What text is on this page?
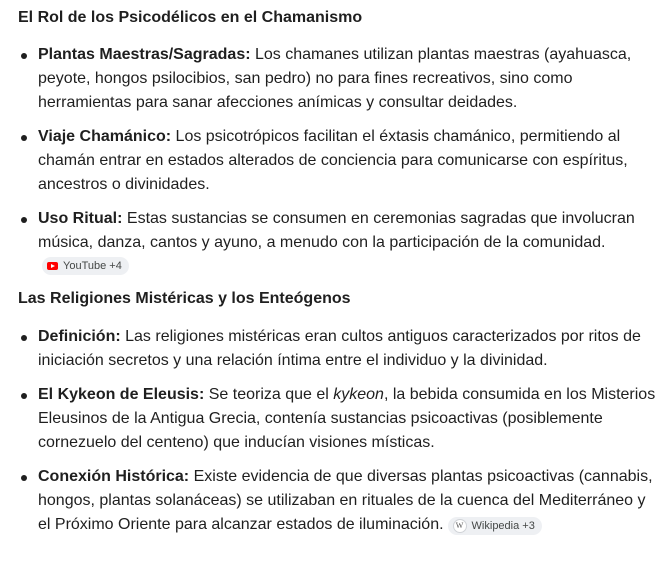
El Rol de los Psicodélicos en el Chamanismo
Plantas Maestras/Sagradas: Los chamanes utilizan plantas maestras (ayahuasca, peyote, hongos psilocibios, san pedro) no para fines recreativos, sino como herramientas para sanar afecciones anímicas y consultar deidades.
Viaje Chamánico: Los psicotrópicos facilitan el éxtasis chamánico, permitiendo al chamán entrar en estados alterados de conciencia para comunicarse con espíritus, ancestros o divinidades.
Uso Ritual: Estas sustancias se consumen en ceremonias sagradas que involucran música, danza, cantos y ayuno, a menudo con la participación de la comunidad.
YouTube +4
Las Religiones Mistéricas y los Enteógenos
Definición: Las religiones mistéricas eran cultos antiguos caracterizados por ritos de iniciación secretos y una relación íntima entre el individuo y la divinidad.
El Kykeon de Eleusis: Se teoriza que el kykeon, la bebida consumida en los Misterios Eleusinos de la Antigua Grecia, contenía sustancias psicoactivas (posiblemente cornezuelo del centeno) que inducían visiones místicas.
Conexión Histórica: Existe evidencia de que diversas plantas psicoactivas (cannabis, hongos, plantas solanáceas) se utilizaban en rituales de la cuenca del Mediterráneo y el Próximo Oriente para alcanzar estados de iluminación.	W Wikipedia +3
